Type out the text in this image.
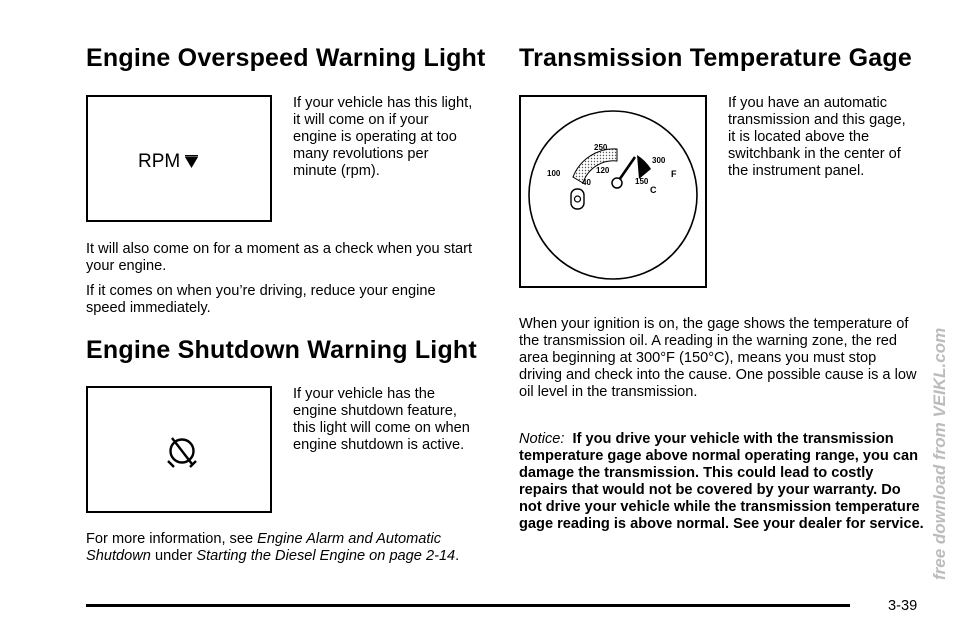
Engine Overspeed Warning Light
RPM

If your vehicle has this light, it will come on if your engine is operating at too many revolutions per minute (rpm).

It will also come on for a moment as a check when you start your engine.

If it comes on when you’re driving, reduce your engine speed immediately.

Engine Shutdown Warning Light

If your vehicle has the engine shutdown feature, this light will come on when engine shutdown is active.

For more information, see Engine Alarm and Automatic Shutdown under Starting the Diesel Engine on page 2-14.

Transmission Temperature Gage
100
250
300
40
120
150
F
C

If you have an automatic transmission and this gage, it is located above the switchbank in the center of the instrument panel.

When your ignition is on, the gage shows the temperature of the transmission oil. A reading in the warning zone, the red area beginning at 300°F (150°C), means you must stop driving and check into the cause. One possible cause is a low oil level in the transmission.

Notice: If you drive your vehicle with the transmission temperature gage above normal operating range, you can damage the transmission. This could lead to costly repairs that would not be covered by your warranty. Do not drive your vehicle while the transmission temperature gage reading is above normal. See your dealer for service.

3-39
free download from VEIKL.com
